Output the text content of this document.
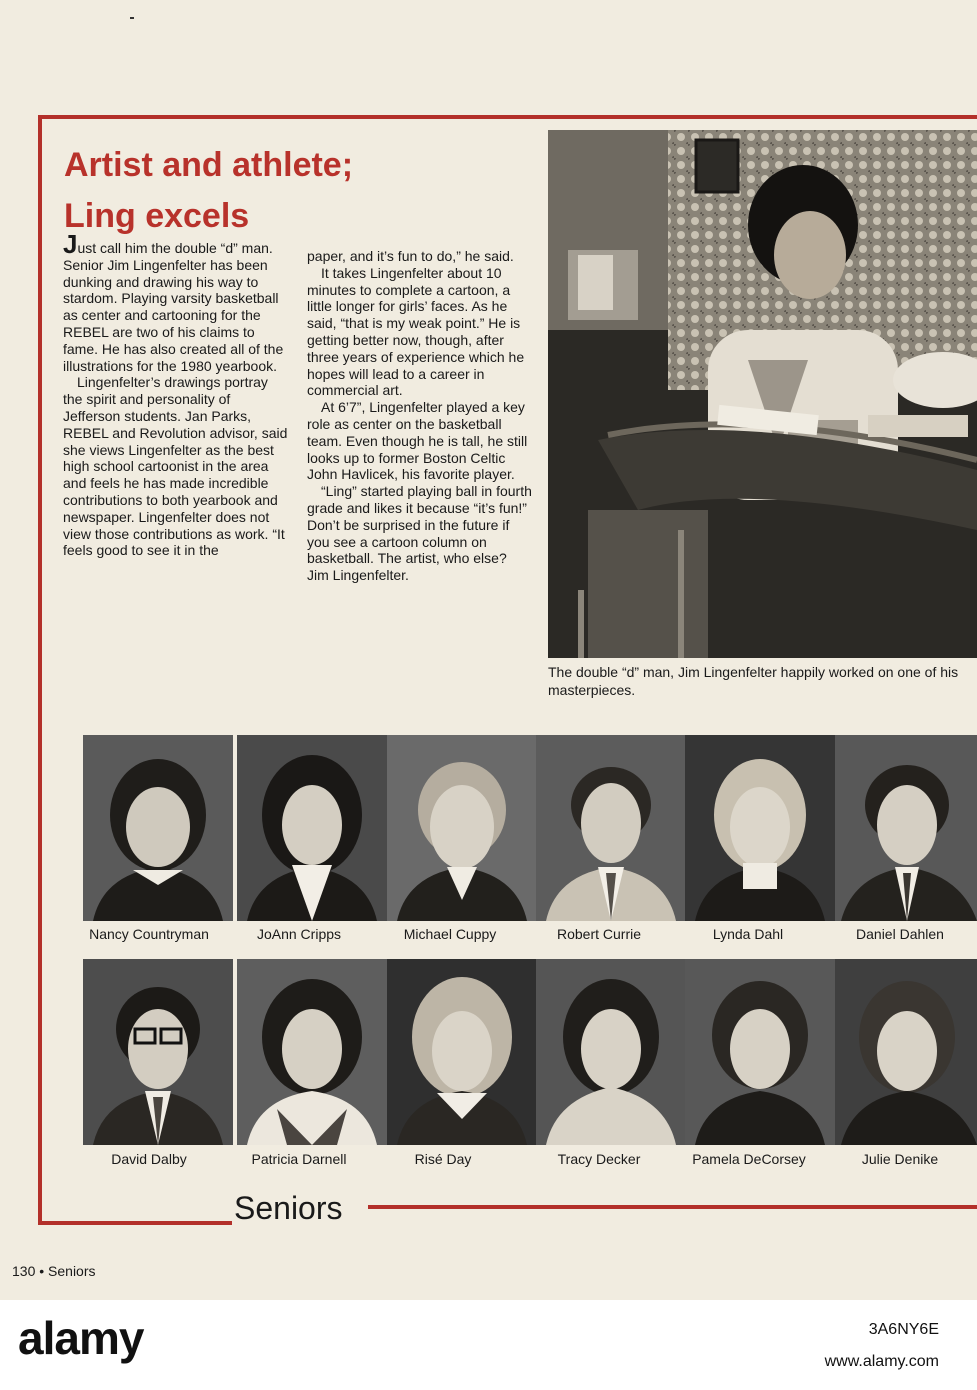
Artist and athlete;
Ling excels

Just call him the double “d” man. Senior Jim Lingenfelter has been dunking and drawing his way to stardom. Playing varsity basketball as center and cartooning for the REBEL are two of his claims to fame. He has also created all of the illustrations for the 1980 yearbook.

Lingenfelter’s drawings portray the spirit and personality of Jefferson students. Jan Parks, REBEL and Revolution advisor, said she views Lingenfelter as the best high school cartoonist in the area and feels he has made incredible contributions to both yearbook and newspaper. Lingenfelter does not view those contributions as work. “It feels good to see it in the

paper, and it’s fun to do,” he said.

It takes Lingenfelter about 10 minutes to complete a cartoon, a little longer for girls’ faces. As he said, “that is my weak point.” He is getting better now, though, after three years of experience which he hopes will lead to a career in commercial art.

At 6’7”, Lingenfelter played a key role as center on the basketball team. Even though he is tall, he still looks up to former Boston Celtic John Havlicek, his favorite player.

“Ling” started playing ball in fourth grade and likes it because “it’s fun!” Don’t be surprised in the future if you see a cartoon column on basketball. The artist, who else? Jim Lingenfelter.

The double “d” man, Jim Lingenfelter happily worked on one of his masterpieces.
Nancy Countryman	JoAnn Cripps	Michael Cuppy	Robert Currie	Lynda Dahl	Daniel Dahlen
David Dalby	Patricia Darnell	Risé Day	Tracy Decker	Pamela DeCorsey	Julie Denike
Seniors
130 • Seniors
alamy	3A6NY6E
www.alamy.com
